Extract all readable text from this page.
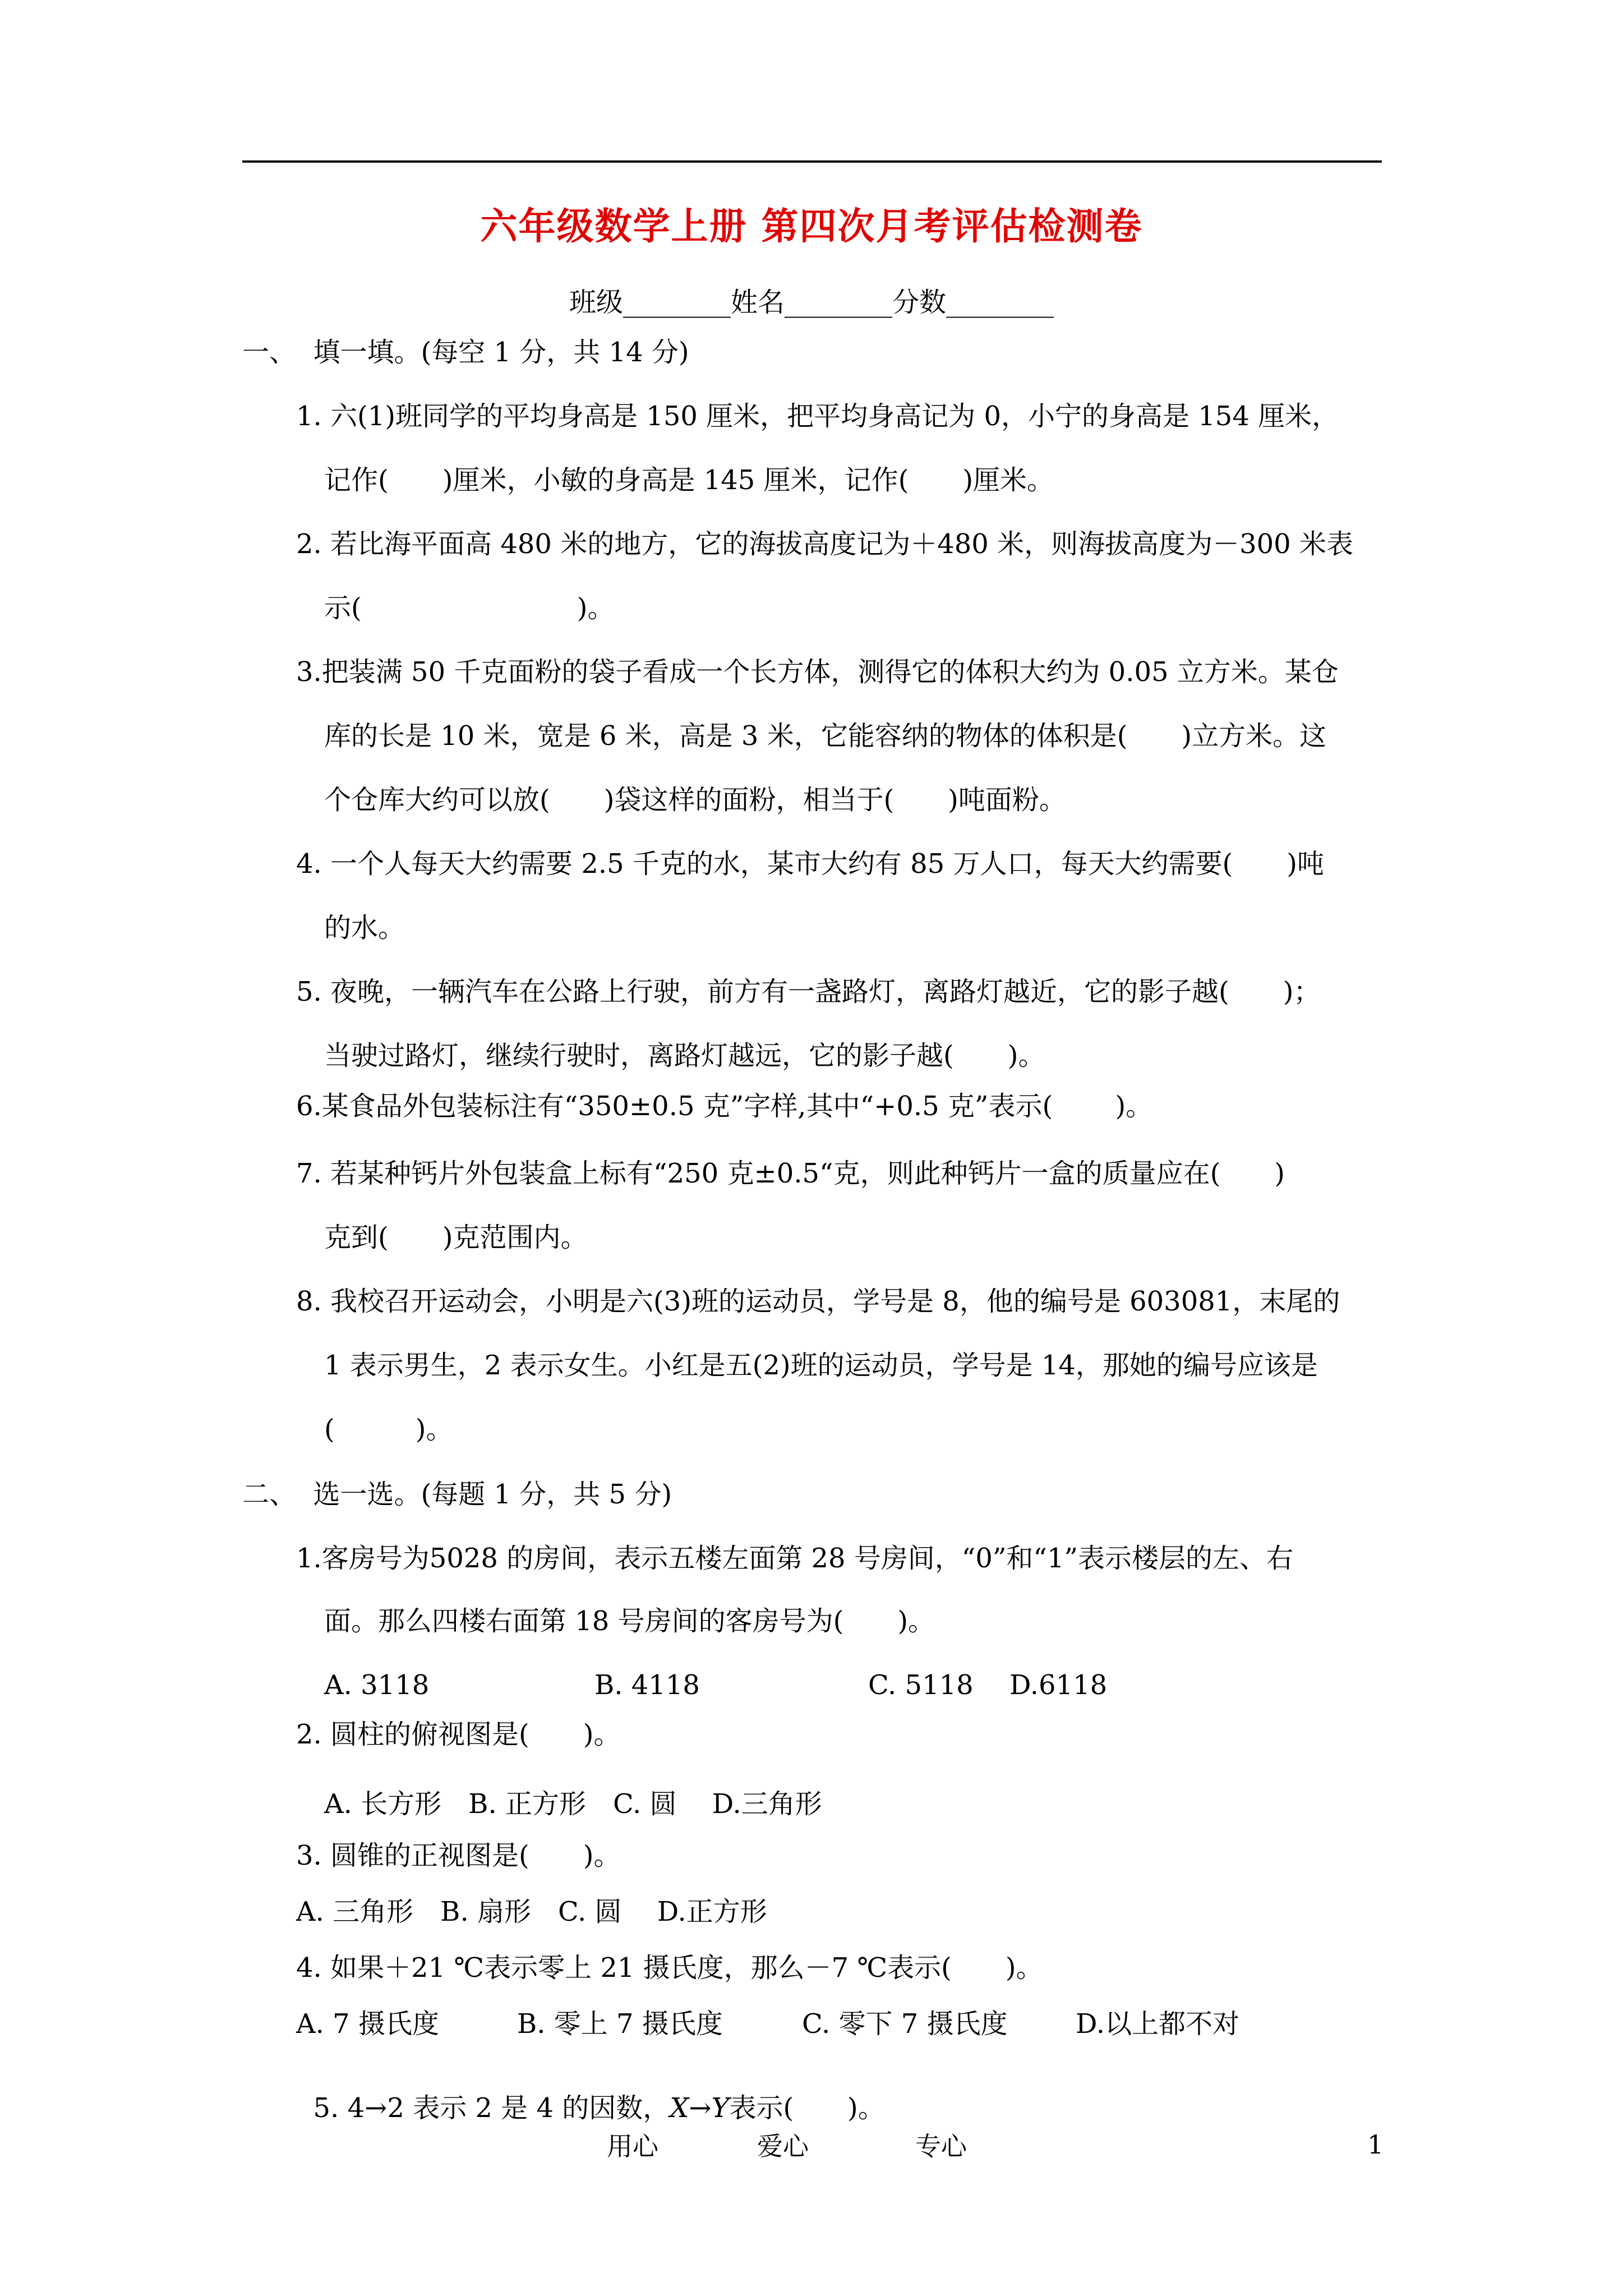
六年级数学上册 第四次月考评估检测卷
班级________姓名________分数________
一、  填一填。(每空 1 分，共 14 分)
1. 六(1)班同学的平均身高是 150 厘米，把平均身高记为 0，小宁的身高是 154 厘米，
记作(　　)厘米，小敏的身高是 145 厘米，记作(　　)厘米。
2. 若比海平面高 480 米的地方，它的海拔高度记为＋480 米，则海拔高度为－300 米表
示(　　　　　　　　)。
3.把装满 50 千克面粉的袋子看成一个长方体，测得它的体积大约为 0.05 立方米。某仓
库的长是 10 米，宽是 6 米，高是 3 米，它能容纳的物体的体积是(　　)立方米。这
个仓库大约可以放(　　)袋这样的面粉，相当于(　　)吨面粉。
4. 一个人每天大约需要 2.5 千克的水，某市大约有 85 万人口，每天大约需要(　　)吨
的水。
5. 夜晚，一辆汽车在公路上行驶，前方有一盏路灯，离路灯越近，它的影子越(　　)；
当驶过路灯，继续行驶时，离路灯越远，它的影子越(　　)。
6.某食品外包装标注有“350±0.5 克”字样,其中“+0.5 克”表示(　　 )。
7. 若某种钙片外包装盒上标有“250 克±0.5“克，则此种钙片一盒的质量应在(　　)
克到(　　)克范围内。
8. 我校召开运动会，小明是六(3)班的运动员，学号是 8，他的编号是 603081，末尾的
1 表示男生，2 表示女生。小红是五(2)班的运动员，学号是 14，那她的编号应该是
(　　　)。
二、  选一选。(每题 1 分，共 5 分)
1.客房号为5028 的房间，表示五楼左面第 28 号房间，“0”和“1”表示楼层的左、右
面。那么四楼右面第 18 号房间的客房号为(　　)。
A. 3118	B. 4118	C. 5118 D.6118
2. 圆柱的俯视图是(　　)。
A. 长方形　B. 正方形　C. 圆　 D.三角形
3. 圆锥的正视图是(　　)。
A. 三角形　B. 扇形　C. 圆　 D.正方形
4. 如果＋21 ℃表示零上 21 摄氏度，那么－7 ℃表示(　　)。
A. 7 摄氏度	B. 零上 7 摄氏度	C. 零下 7 摄氏度	D.以上都不对

5. 4→2 表示 2 是 4 的因数，X→Y表示(　　)。

用心	爱心	专心	1
